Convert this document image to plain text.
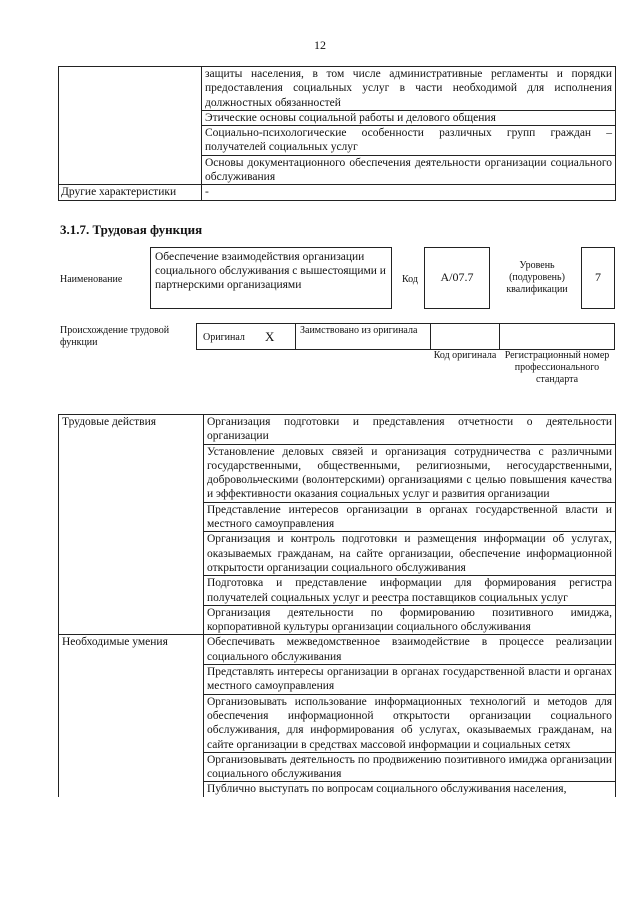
12
	защиты населения, в том числе административные регламенты и порядки предоставления социальных услуг в части необходимой для исполнения должностных обязанностей
	Этические основы социальной работы и делового общения
	Социально-психологические особенности различных групп граждан – получателей социальных услуг
	Основы документационного обеспечения деятельности организации социального обслуживания
Другие характеристики	-
3.1.7. Трудовая функция
Наименование
Обеспечение взаимодействия организации социального обслуживания с вышестоящими и партнерскими организациями	Код	А/07.7
Уровень (подуровень) квалификации
7
Происхождение трудовой функции	Оригинал X	Заимствовано из оригинала
Код оригинала Регистрационный номер профессионального стандарта
Трудовые действия	Организация подготовки и представления отчетности о деятельности организации
	Установление деловых связей и организация сотрудничества с различными государственными, общественными, религиозными, негосударственными, добровольческими (волонтерскими) организациями с целью повышения качества и эффективности оказания социальных услуг и развития организации
	Представление интересов организации в органах государственной власти и местного самоуправления
	Организация и контроль подготовки и размещения информации об услугах, оказываемых гражданам, на сайте организации, обеспечение информационной открытости организации социального обслуживания
	Подготовка и представление информации для формирования регистра получателей социальных услуг и реестра поставщиков социальных услуг
	Организация деятельности по формированию позитивного имиджа, корпоративной культуры организации социального обслуживания
Необходимые умения	Обеспечивать межведомственное взаимодействие в процессе реализации социального обслуживания
	Представлять интересы организации в органах государственной власти и органах местного самоуправления
	Организовывать использование информационных технологий и методов для обеспечения информационной открытости организации социального обслуживания, для информирования об услугах, оказываемых гражданам, на сайте организации в средствах массовой информации и социальных сетях
	Организовывать деятельность по продвижению позитивного имиджа организации социального обслуживания
	Публично выступать по вопросам социального обслуживания населения,
